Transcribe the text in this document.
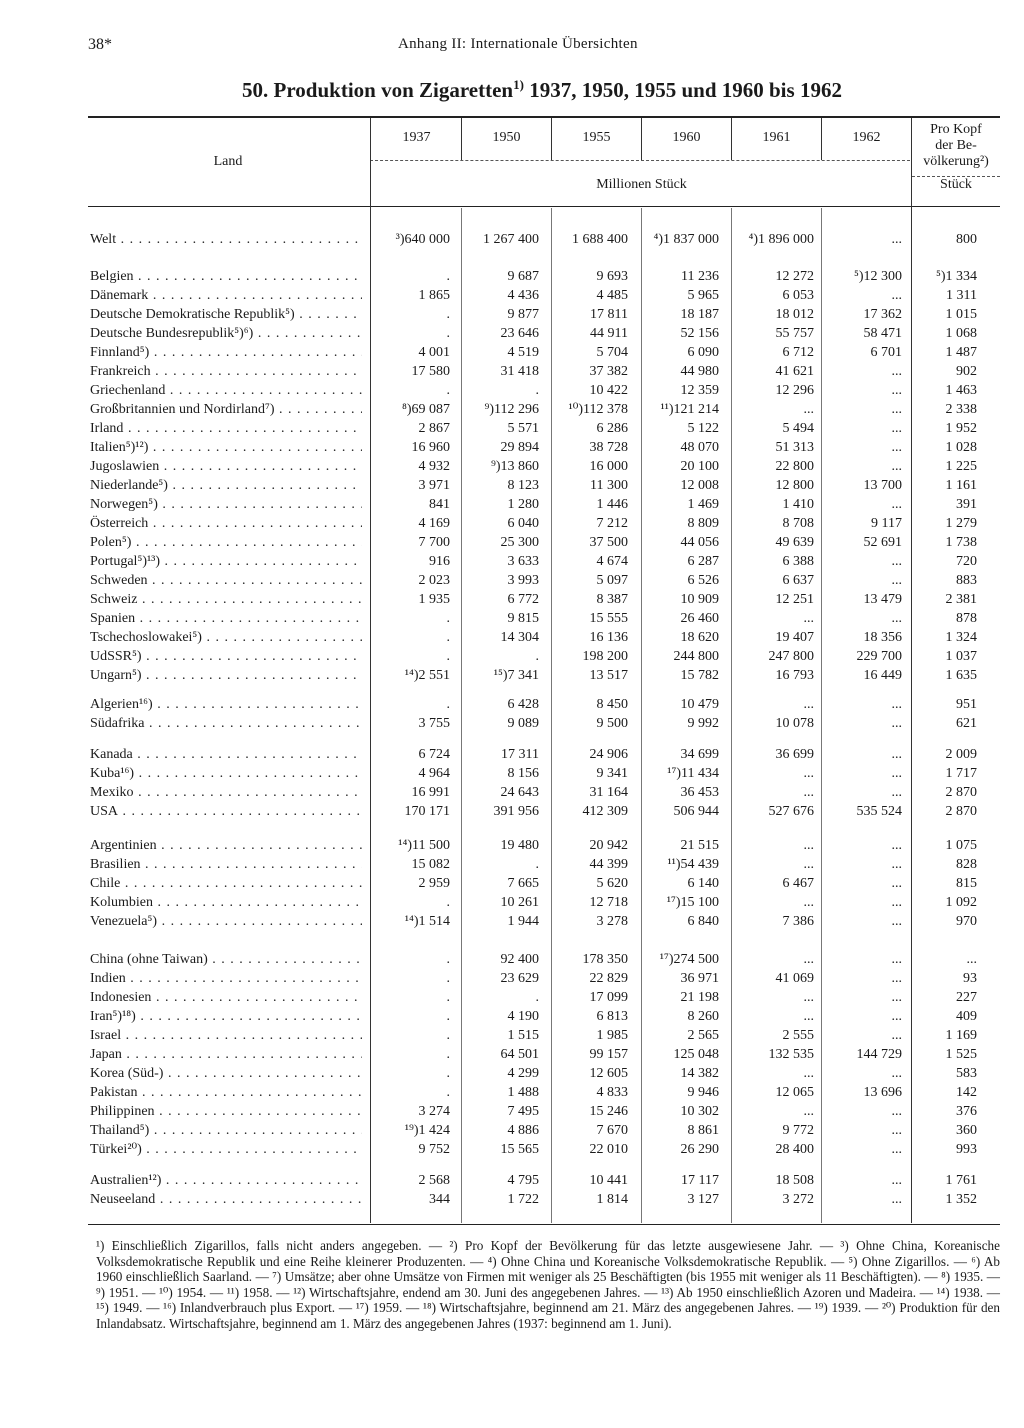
38*	Anhang II: Internationale Übersichten
50. Produktion von Zigaretten$^{1)}$ 1937, 1950, 1955 und 1960 bis 1962
Land
1937	1950	1955	1960	1961	1962
Millionen Stück
Pro Kopf
der Be-
völkerung²)
Stück
Welt . . .	³)640 000	1 267 400	1 688 400	⁴)1 837 000	⁴)1 896 000	...	800
Belgien . . .	.	9 687	9 693	11 236	12 272	⁵)12 300	⁵)1 334
Dänemark . . .	1 865	4 436	4 485	5 965	6 053	...	1 311
Deutsche Demokratische Republik⁵) . . .	.	9 877	17 811	18 187	18 012	17 362	1 015
Deutsche Bundesrepublik⁵)⁶) . . .	.	23 646	44 911	52 156	55 757	58 471	1 068
Finnland⁵) . . .	4 001	4 519	5 704	6 090	6 712	6 701	1 487
Frankreich . . .	17 580	31 418	37 382	44 980	41 621	...	902
Griechenland . . .	.	.	10 422	12 359	12 296	...	1 463
Großbritannien und Nordirland⁷) . . .	⁸)69 087	⁹)112 296	¹⁰)112 378	¹¹)121 214	...	...	2 338
Irland . . .	2 867	5 571	6 286	5 122	5 494	...	1 952
Italien⁵)¹²) . . .	16 960	29 894	38 728	48 070	51 313	...	1 028
Jugoslawien . . .	4 932	⁹)13 860	16 000	20 100	22 800	...	1 225
Niederlande⁵) . . .	3 971	8 123	11 300	12 008	12 800	13 700	1 161
Norwegen⁵) . . .	841	1 280	1 446	1 469	1 410	...	391
Österreich . . .	4 169	6 040	7 212	8 809	8 708	9 117	1 279
Polen⁵) . . .	7 700	25 300	37 500	44 056	49 639	52 691	1 738
Portugal⁵)¹³) . . .	916	3 633	4 674	6 287	6 388	...	720
Schweden . . .	2 023	3 993	5 097	6 526	6 637	...	883
Schweiz . . .	1 935	6 772	8 387	10 909	12 251	13 479	2 381
Spanien . . .	.	9 815	15 555	26 460	...	...	878
Tschechoslowakei⁵) . . .	.	14 304	16 136	18 620	19 407	18 356	1 324
UdSSR⁵) . . .	.	.	198 200	244 800	247 800	229 700	1 037
Ungarn⁵) . . .	¹⁴)2 551	¹⁵)7 341	13 517	15 782	16 793	16 449	1 635
Algerien¹⁶) . . .	.	6 428	8 450	10 479	...	...	951
Südafrika . . .	3 755	9 089	9 500	9 992	10 078	...	621
Kanada . . .	6 724	17 311	24 906	34 699	36 699	...	2 009
Kuba¹⁶) . . .	4 964	8 156	9 341	¹⁷)11 434	...	...	1 717
Mexiko . . .	16 991	24 643	31 164	36 453	...	...	2 870
USA . . .	170 171	391 956	412 309	506 944	527 676	535 524	2 870
Argentinien . . .	¹⁴)11 500	19 480	20 942	21 515	...	...	1 075
Brasilien . . .	15 082	.	44 399	¹¹)54 439	...	...	828
Chile . . .	2 959	7 665	5 620	6 140	6 467	...	815
Kolumbien . . .	.	10 261	12 718	¹⁷)15 100	...	...	1 092
Venezuela⁵) . . .	¹⁴)1 514	1 944	3 278	6 840	7 386	...	970
China (ohne Taiwan) . . .	.	92 400	178 350	¹⁷)274 500	...	...	...
Indien . . .	.	23 629	22 829	36 971	41 069	...	93
Indonesien . . .	.	.	17 099	21 198	...	...	227
Iran⁵)¹⁸) . . .	.	4 190	6 813	8 260	...	...	409
Israel . . .	.	1 515	1 985	2 565	2 555	...	1 169
Japan . . .	.	64 501	99 157	125 048	132 535	144 729	1 525
Korea (Süd-) . . .	.	4 299	12 605	14 382	...	...	583
Pakistan . . .	.	1 488	4 833	9 946	12 065	13 696	142
Philippinen . . .	3 274	7 495	15 246	10 302	...	...	376
Thailand⁵) . . .	¹⁹)1 424	4 886	7 670	8 861	9 772	...	360
Türkei²⁰) . . .	9 752	15 565	22 010	26 290	28 400	...	993
Australien¹²) . . .	2 568	4 795	10 441	17 117	18 508	...	1 761
Neuseeland . . .	344	1 722	1 814	3 127	3 272	...	1 352
¹) Einschließlich Zigarillos, falls nicht anders angegeben. — ²) Pro Kopf der Bevölkerung für das letzte ausgewiesene Jahr. — ³) Ohne China, Koreanische Volksdemokratische Republik und eine Reihe kleinerer Produzenten. — ⁴) Ohne China und Koreanische Volksdemokratische Republik. — ⁵) Ohne Zigarillos. — ⁶) Ab 1960 einschließlich Saarland. — ⁷) Umsätze; aber ohne Umsätze von Firmen mit weniger als 25 Beschäftigten (bis 1955 mit weniger als 11 Beschäftigten). — ⁸) 1935. — ⁹) 1951. — ¹⁰) 1954. — ¹¹) 1958. — ¹²) Wirtschaftsjahre, endend am 30. Juni des angegebenen Jahres. — ¹³) Ab 1950 einschließlich Azoren und Madeira. — ¹⁴) 1938. — ¹⁵) 1949. — ¹⁶) Inlandverbrauch plus Export. — ¹⁷) 1959. — ¹⁸) Wirtschaftsjahre, beginnend am 21. März des angegebenen Jahres. — ¹⁹) 1939. — ²⁰) Produktion für den Inlandabsatz. Wirtschaftsjahre, beginnend am 1. März des angegebenen Jahres (1937: beginnend am 1. Juni).
